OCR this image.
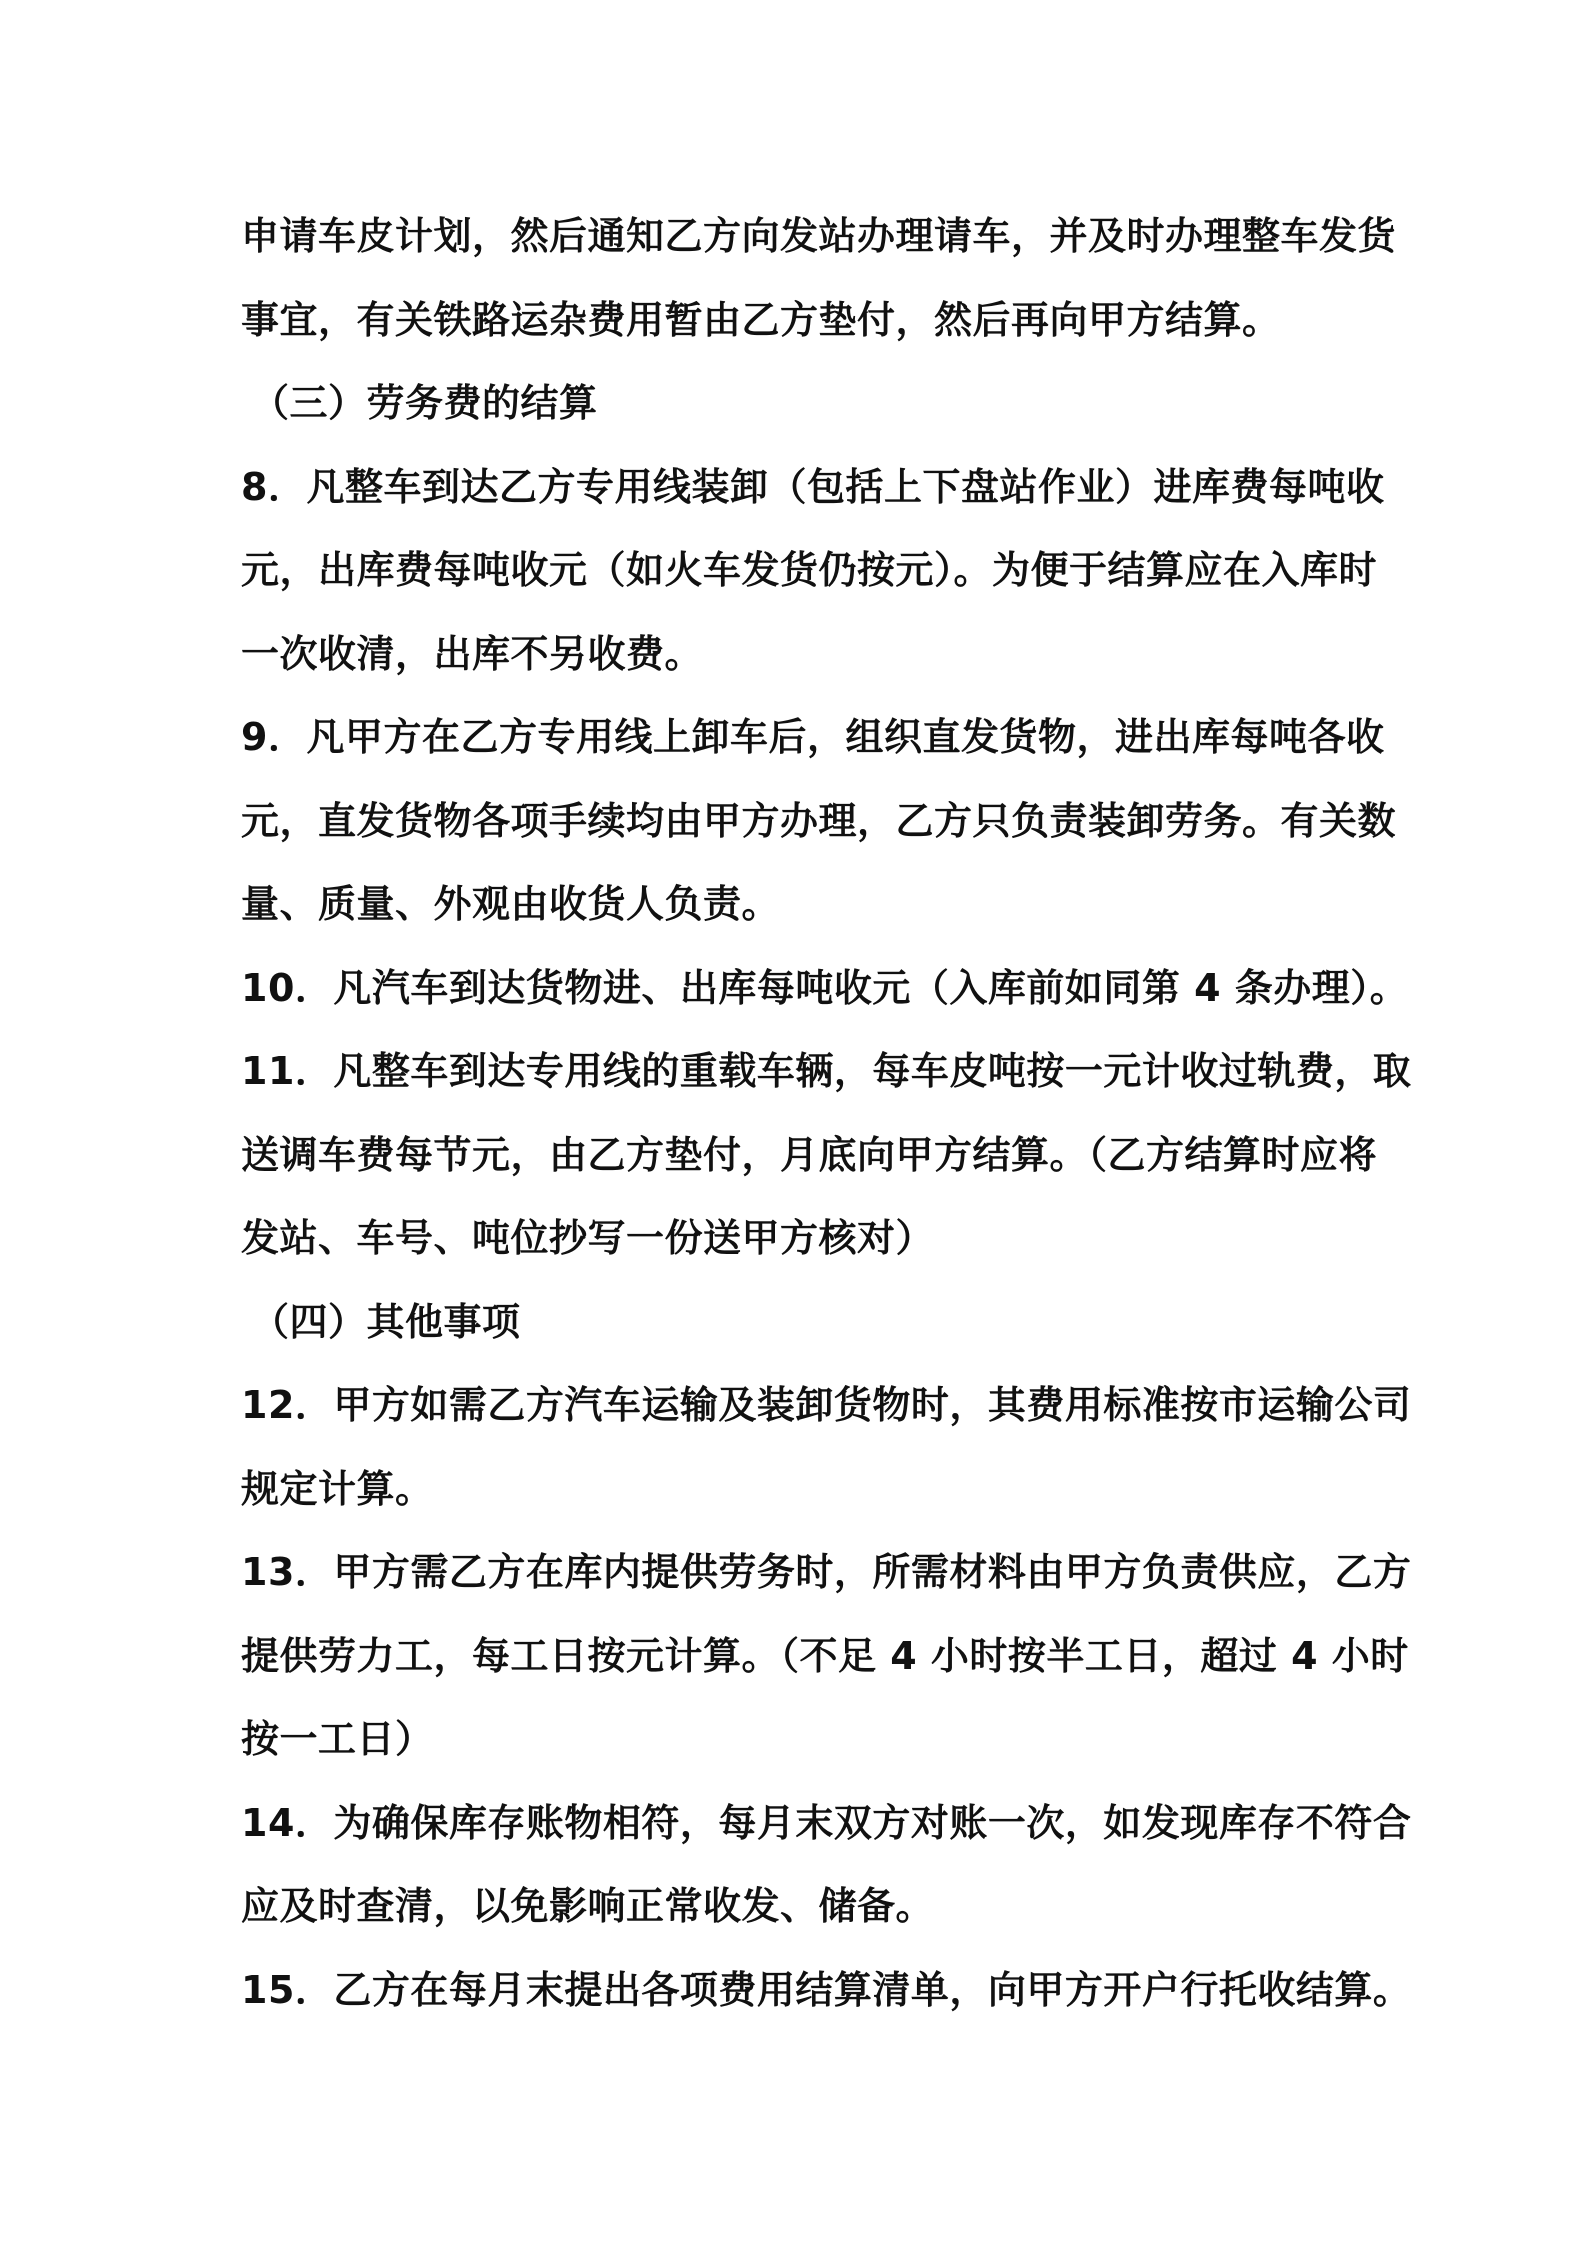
申请车皮计划，然后通知乙方向发站办理请车，并及时办理整车发货
事宜，有关铁路运杂费用暂由乙方垫付，然后再向甲方结算。
（三）劳务费的结算
8．凡整车到达乙方专用线装卸（包括上下盘站作业）进库费每吨收
元，出库费每吨收元（如火车发货仍按元）。为便于结算应在入库时
一次收清，出库不另收费。
9．凡甲方在乙方专用线上卸车后，组织直发货物，进出库每吨各收
元，直发货物各项手续均由甲方办理，乙方只负责装卸劳务。有关数
量、质量、外观由收货人负责。
10．凡汽车到达货物进、出库每吨收元（入库前如同第 4 条办理）。
11．凡整车到达专用线的重载车辆，每车皮吨按一元计收过轨费，取
送调车费每节元，由乙方垫付，月底向甲方结算。（乙方结算时应将
发站、车号、吨位抄写一份送甲方核对）
（四）其他事项
12．甲方如需乙方汽车运输及装卸货物时，其费用标准按市运输公司
规定计算。
13．甲方需乙方在库内提供劳务时，所需材料由甲方负责供应，乙方
提供劳力工，每工日按元计算。（不足 4 小时按半工日，超过 4 小时
按一工日）
14．为确保库存账物相符，每月末双方对账一次，如发现库存不符合
应及时查清，以免影响正常收发、储备。
15．乙方在每月末提出各项费用结算清单，向甲方开户行托收结算。
